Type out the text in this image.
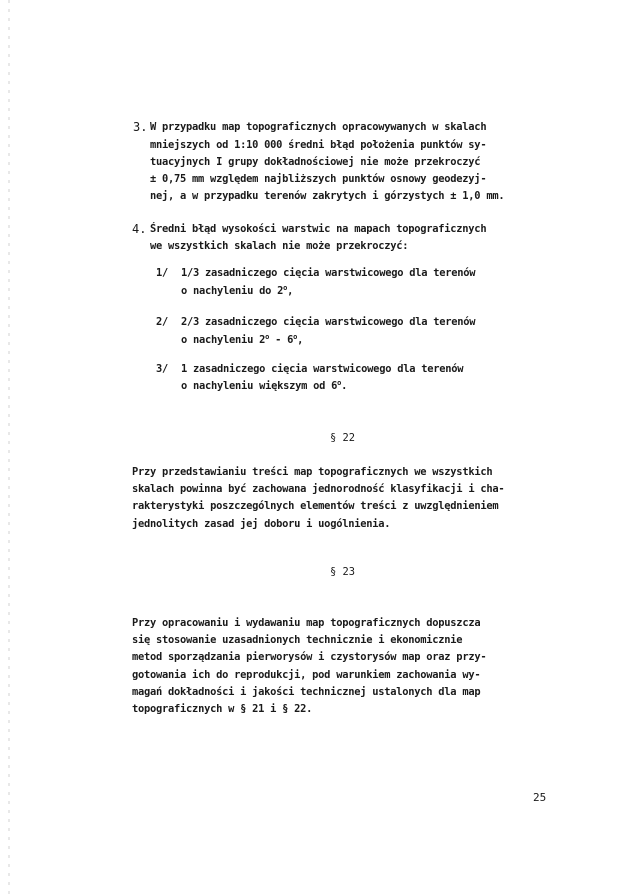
3. W przypadku map topograficznych opracowywanych w skalach
mniejszych od 1:10 000 średni błąd położenia punktów sy-
tuacyjnych I grupy dokładnościowej nie może przekroczyć
± 0,75 mm względem najbliższych punktów osnowy geodezyj-
nej, a w przypadku terenów zakrytych i górzystych ± 1,0 mm.
4. Średni błąd wysokości warstwic na mapach topograficznych
we wszystkich skalach nie może przekroczyć:
1/ 1/3 zasadniczego cięcia warstwicowego dla terenów
o nachyleniu do 2$^o$,
2/ 2/3 zasadniczego cięcia warstwicowego dla terenów
o nachyleniu 2$^o$ - 6$^o$,
3/ 1 zasadniczego cięcia warstwicowego dla terenów
o nachyleniu większym od 6$^o$.
§ 22
Przy przedstawianiu treści map topograficznych we wszystkich
skalach powinna być zachowana jednorodność klasyfikacji i cha-
rakterystyki poszczególnych elementów treści z uwzględnieniem
jednolitych zasad jej doboru i uogólnienia.
§ 23
Przy opracowaniu i wydawaniu map topograficznych dopuszcza
się stosowanie uzasadnionych technicznie i ekonomicznie
metod sporządzania pierworysów i czystorysów map oraz przy-
gotowania ich do reprodukcji, pod warunkiem zachowania wy-
magań dokładności i jakości technicznej ustalonych dla map
topograficznych w § 21 i § 22.
25
